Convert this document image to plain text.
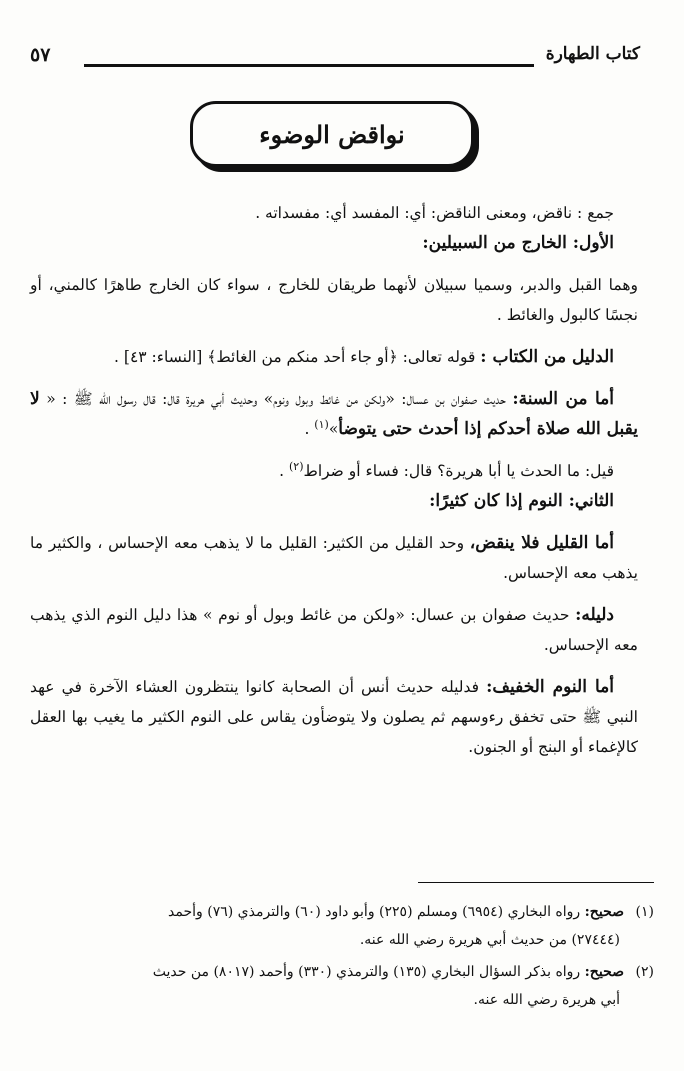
كتاب الطهارة
٥٧
نواقض الوضوء

جمع : ناقض، ومعنى الناقض: أي: المفسد أي: مفسداته .

الأول: الخارج من السبيلين:

وهما القبل والدبر، وسميا سبيلان لأنهما طريقان للخارج ، سواء كان الخارج طاهرًا كالمني، أو نجسًا كالبول والغائط .

الدليل من الكتاب : قوله تعالى: ﴿أو جاء أحد منكم من الغائط﴾ [النساء: ٤٣] .

أما من السنة: حديث صفوان بن عسال: «ولكن من غائط وبول ونوم» وحديث أبي هريرة قال: قال رسول الله ﷺ : « لا يقبل الله صلاة أحدكم إذا أحدث حتى يتوضأ»$^{(١)}$ .

قيل: ما الحدث يا أبا هريرة؟ قال: فساء أو ضراط$^{(٢)}$ .

الثاني: النوم إذا كان كثيرًا:

أما القليل فلا ينقض، وحد القليل من الكثير: القليل ما لا يذهب معه الإحساس ، والكثير ما يذهب معه الإحساس.

دليله: حديث صفوان بن عسال: «ولكن من غائط وبول أو نوم » هذا دليل النوم الذي يذهب معه الإحساس.

أما النوم الخفيف: فدليله حديث أنس أن الصحابة كانوا ينتظرون العشاء الآخرة في عهد النبي ﷺ حتى تخفق رءوسهم ثم يصلون ولا يتوضأون يقاس على النوم الكثير ما يغيب بها العقل كالإغماء أو البنج أو الجنون.

(١)صحيح: رواه البخاري (٦٩٥٤) ومسلم (٢٢٥) وأبو داود (٦٠) والترمذي (٧٦) وأحمد
(٢٧٤٤٤) من حديث أبي هريرة رضي الله عنه.

(٢)صحيح: رواه بذكر السؤال البخاري (١٣٥) والترمذي (٣٣٠) وأحمد (٨٠١٧) من حديث
أبي هريرة رضي الله عنه.
